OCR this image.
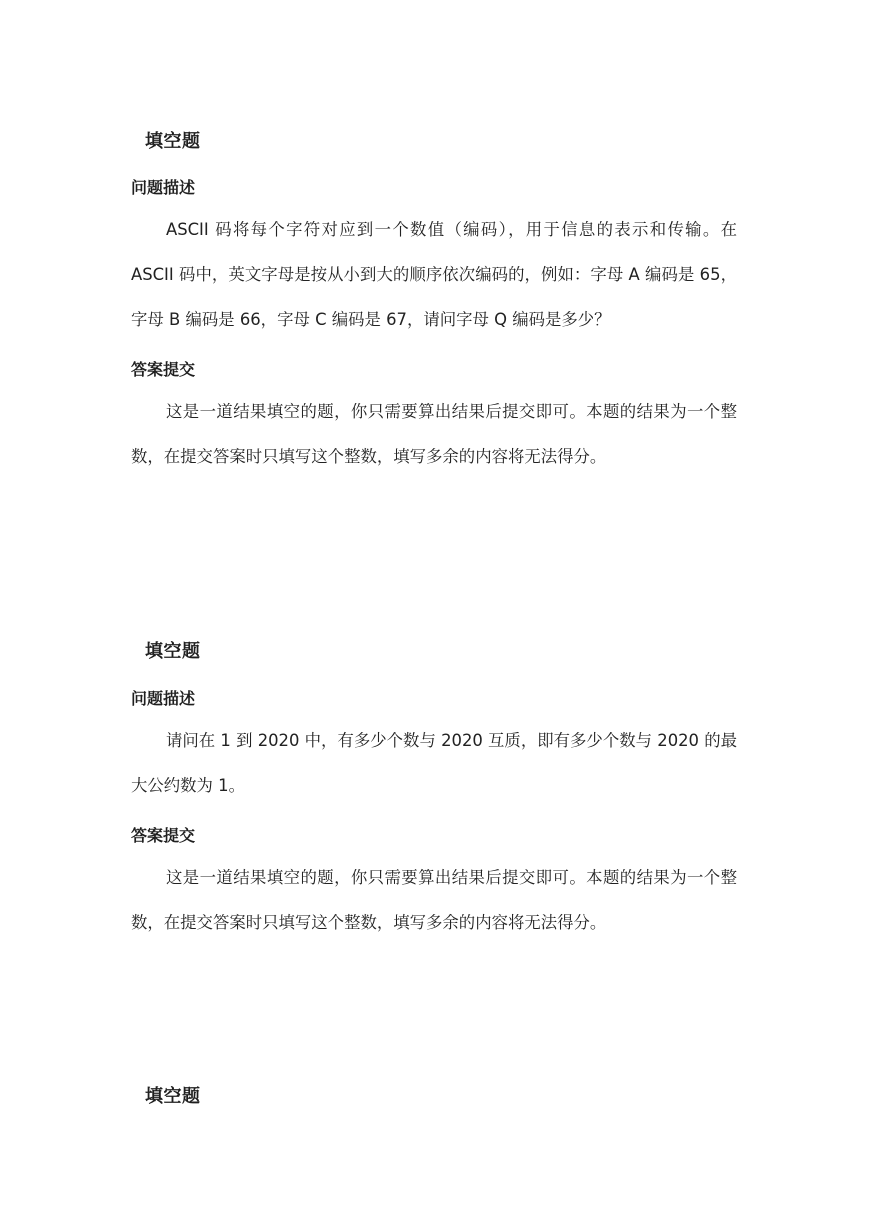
填空题
问题描述

ASCII 码将每个字符对应到一个数值（编码），用于信息的表示和传输。在 ASCII 码中，英文字母是按从小到大的顺序依次编码的，例如：字母 A 编码是 65，字母 B 编码是 66，字母 C 编码是 67，请问字母 Q 编码是多少？

答案提交

这是一道结果填空的题，你只需要算出结果后提交即可。本题的结果为一个整数，在提交答案时只填写这个整数，填写多余的内容将无法得分。

填空题
问题描述

请问在 1 到 2020 中，有多少个数与 2020 互质，即有多少个数与 2020 的最大公约数为 1。

答案提交

这是一道结果填空的题，你只需要算出结果后提交即可。本题的结果为一个整数，在提交答案时只填写这个整数，填写多余的内容将无法得分。

填空题
